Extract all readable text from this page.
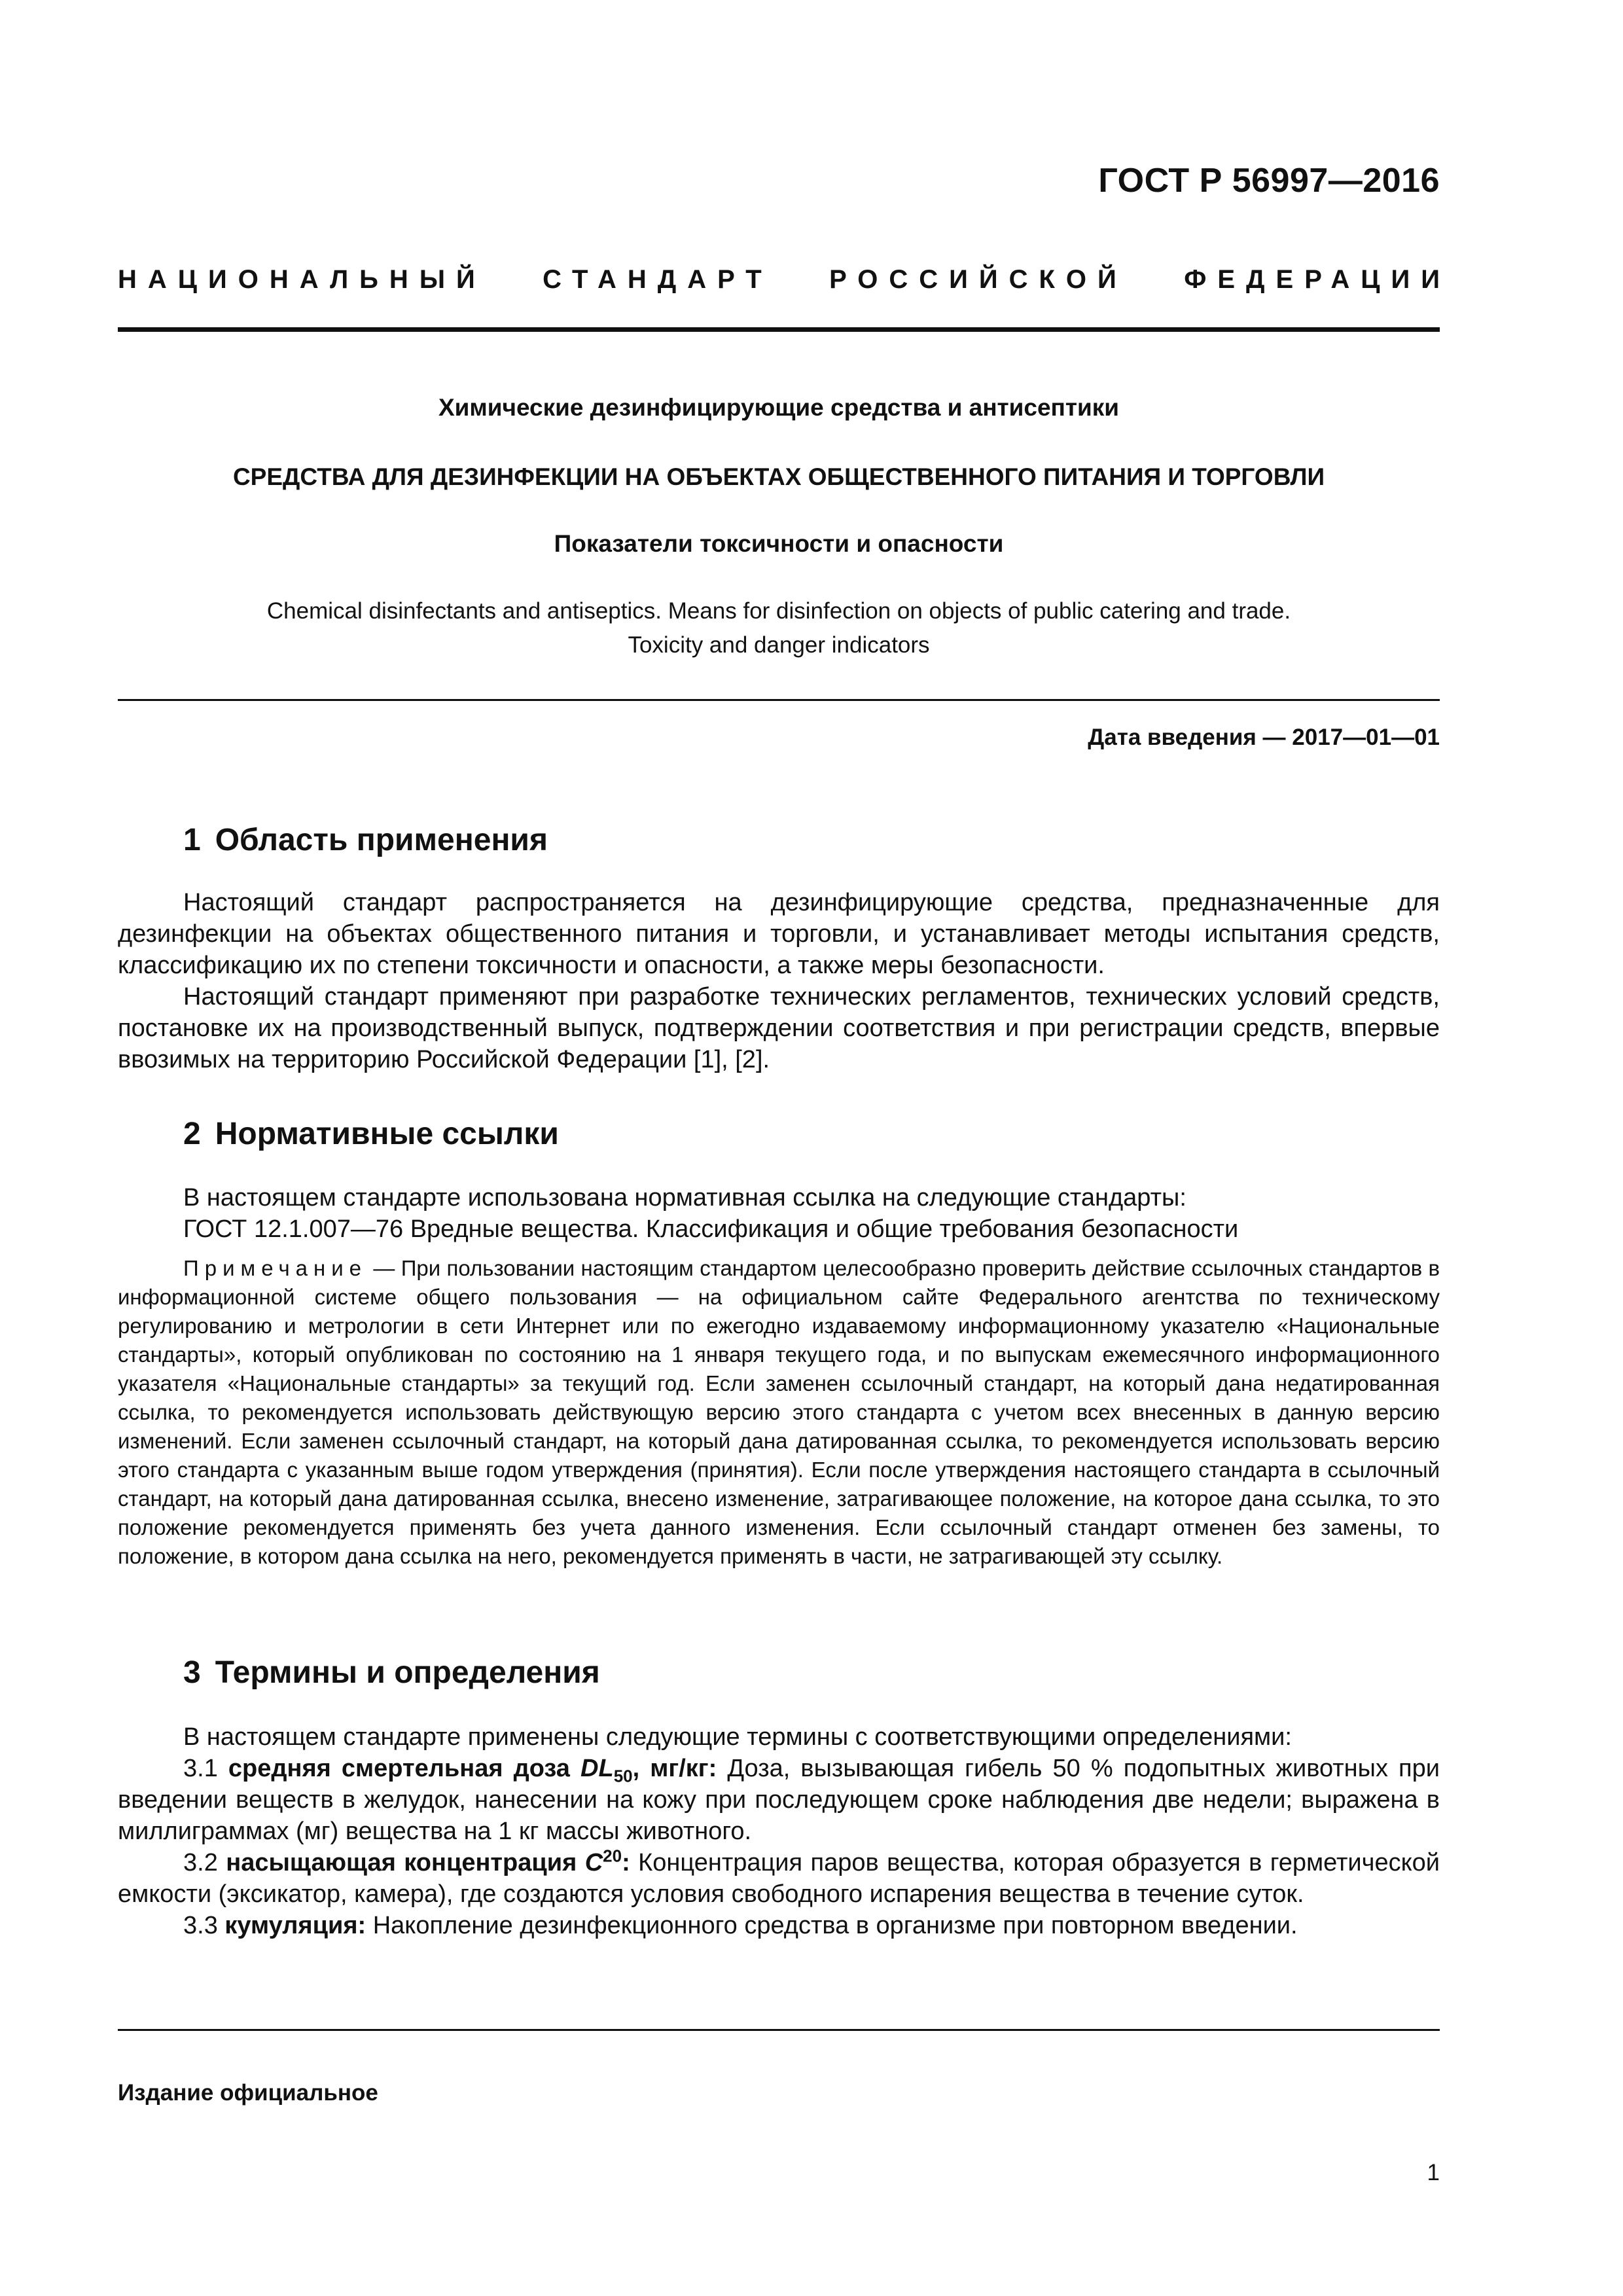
ГОСТ Р 56997—2016
НАЦИОНАЛЬНЫЙ СТАНДАРТ РОССИЙСКОЙ ФЕДЕРАЦИИ
Химические дезинфицирующие средства и антисептики
СРЕДСТВА ДЛЯ ДЕЗИНФЕКЦИИ НА ОБЪЕКТАХ ОБЩЕСТВЕННОГО ПИТАНИЯ И ТОРГОВЛИ
Показатели токсичности и опасности
Chemical disinfectants and antiseptics. Means for disinfection on objects of public catering and trade.
Toxicity and danger indicators
Дата введения — 2017—01—01
1 Область применения

Настоящий стандарт распространяется на дезинфицирующие средства, предназначенные для дезинфекции на объектах общественного питания и торговли, и устанавливает методы испытания средств, классификацию их по степени токсичности и опасности, а также меры безопасности.

Настоящий стандарт применяют при разработке технических регламентов, технических условий средств, постановке их на производственный выпуск, подтверждении соответствия и при регистрации средств, впервые ввозимых на территорию Российской Федерации [1], [2].

2 Нормативные ссылки

В настоящем стандарте использована нормативная ссылка на следующие стандарты:

ГОСТ 12.1.007—76 Вредные вещества. Классификация и общие требования безопасности

Примечание — При пользовании настоящим стандартом целесообразно проверить действие ссылочных стандартов в информационной системе общего пользования — на официальном сайте Федерального агентства по техническому регулированию и метрологии в сети Интернет или по ежегодно издаваемому информационному указателю «Национальные стандарты», который опубликован по состоянию на 1 января текущего года, и по выпускам ежемесячного информационного указателя «Национальные стандарты» за текущий год. Если заменен ссылочный стандарт, на который дана недатированная ссылка, то рекомендуется использовать действующую версию этого стандарта с учетом всех внесенных в данную версию изменений. Если заменен ссылочный стандарт, на который дана датированная ссылка, то рекомендуется использовать версию этого стандарта с указанным выше годом утверждения (принятия). Если после утверждения настоящего стандарта в ссылочный стандарт, на который дана датированная ссылка, внесено изменение, затрагивающее положение, на которое дана ссылка, то это положение рекомендуется применять без учета данного изменения. Если ссылочный стандарт отменен без замены, то положение, в котором дана ссылка на него, рекомендуется применять в части, не затрагивающей эту ссылку.

3 Термины и определения

В настоящем стандарте применены следующие термины с соответствующими определениями:

3.1 средняя смертельная доза $DL_{50}$, мг/кг: Доза, вызывающая гибель 50 % подопытных животных при введении веществ в желудок, нанесении на кожу при последующем сроке наблюдения две недели; выражена в миллиграммах (мг) вещества на 1 кг массы животного.

3.2 насыщающая концентрация $C^{20}$: Концентрация паров вещества, которая образуется в герметической емкости (эксикатор, камера), где создаются условия свободного испарения вещества в течение суток.

3.3 кумуляция: Накопление дезинфекционного средства в организме при повторном введении.

Издание официальное
1
